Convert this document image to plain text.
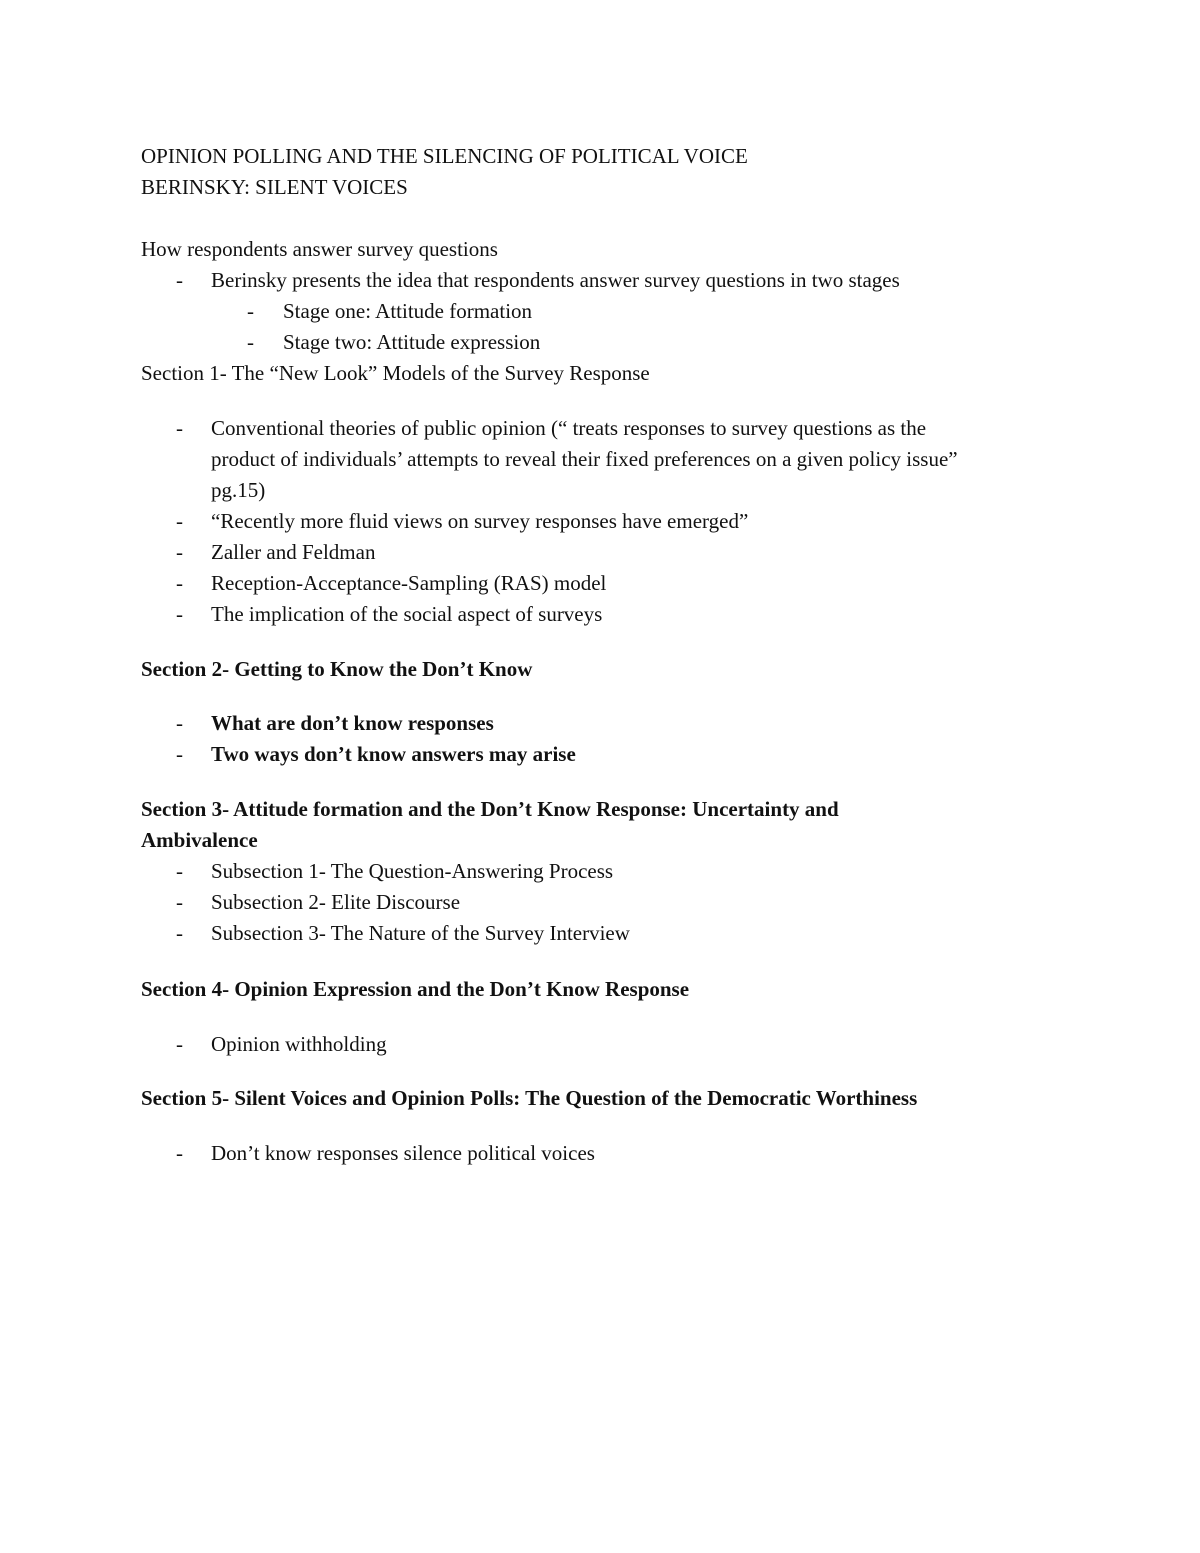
OPINION POLLING AND THE SILENCING OF POLITICAL VOICE
BERINSKY: SILENT VOICES
How respondents answer survey questions
- Berinsky presents the idea that respondents answer survey questions in two stages
- Stage one: Attitude formation
- Stage two: Attitude expression
Section 1- The “New Look” Models of the Survey Response
- Conventional theories of public opinion (“ treats responses to survey questions as the
product of individuals’ attempts to reveal their fixed preferences on a given policy issue”
pg.15)
- “Recently more fluid views on survey responses have emerged”
- Zaller and Feldman
- Reception-Acceptance-Sampling (RAS) model
- The implication of the social aspect of surveys
Section 2- Getting to Know the Don’t Know
- What are don’t know responses
- Two ways don’t know answers may arise
Section 3- Attitude formation and the Don’t Know Response: Uncertainty and
Ambivalence
- Subsection 1- The Question-Answering Process
- Subsection 2- Elite Discourse
- Subsection 3- The Nature of the Survey Interview
Section 4- Opinion Expression and the Don’t Know Response
- Opinion withholding
Section 5- Silent Voices and Opinion Polls: The Question of the Democratic Worthiness
- Don’t know responses silence political voices
